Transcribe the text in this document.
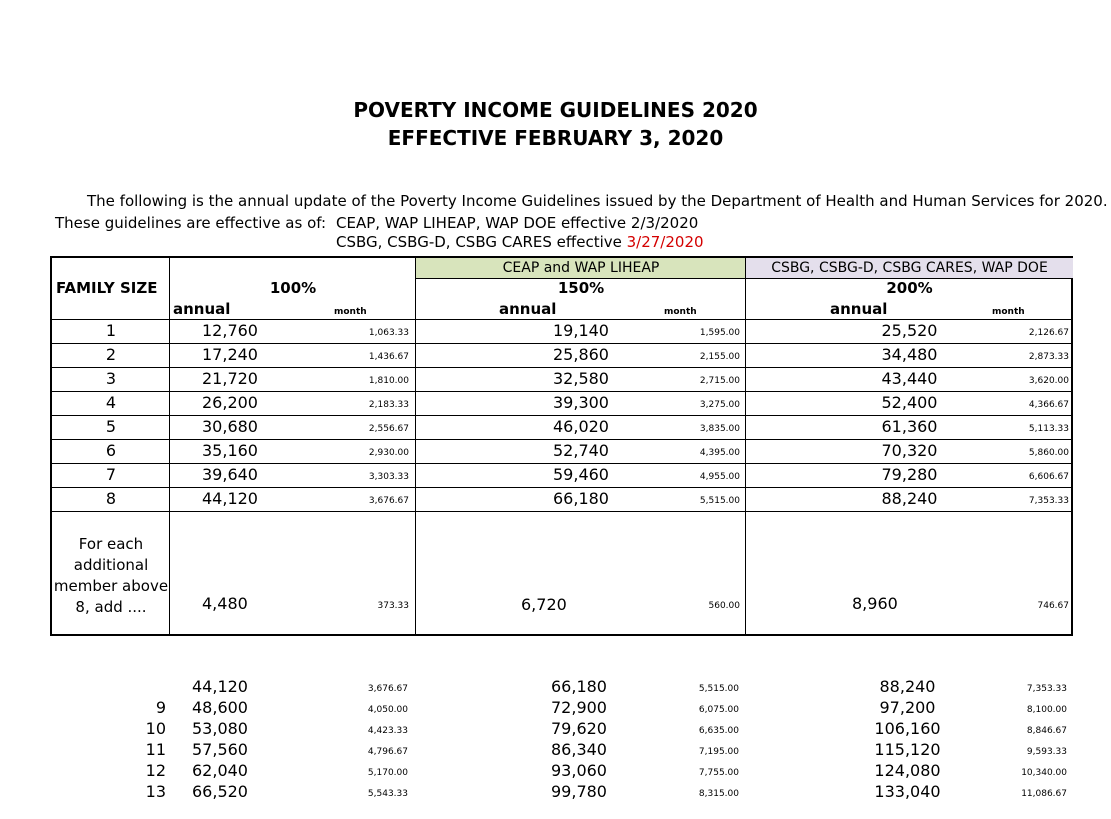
POVERTY INCOME GUIDELINES 2020
EFFECTIVE FEBRUARY 3, 2020
The following is the annual update of the Poverty Income Guidelines issued by the Department of Health and Human Services for 2020.
These guidelines are effective as of: CEAP, WAP LIHEAP, WAP DOE effective 2/3/2020
CSBG, CSBG-D, CSBG CARES effective 3/27/2020
CEAP and WAP LIHEAP	CSBG, CSBG-D, CSBG CARES, WAP DOE
FAMILY SIZE	100%	150%	200%
annual	month	annual	month	annual	month
1	12,760	1,063.33	19,140	1,595.00	25,520	2,126.67
2	17,240	1,436.67	25,860	2,155.00	34,480	2,873.33
3	21,720	1,810.00	32,580	2,715.00	43,440	3,620.00
4	26,200	2,183.33	39,300	3,275.00	52,400	4,366.67
5	30,680	2,556.67	46,020	3,835.00	61,360	5,113.33
6	35,160	2,930.00	52,740	4,395.00	70,320	5,860.00
7	39,640	3,303.33	59,460	4,955.00	79,280	6,606.67
8	44,120	3,676.67	66,180	5,515.00	88,240	7,353.33
For each
additional
member above
8, add ....	4,480	373.33	6,720	560.00	8,960	746.67
44,120	3,676.67	66,180	5,515.00	88,240	7,353.33
9 48,600	4,050.00	72,900	6,075.00	97,200	8,100.00
10 53,080	4,423.33	79,620	6,635.00	106,160	8,846.67
11 57,560	4,796.67	86,340	7,195.00	115,120	9,593.33
12 62,040	5,170.00	93,060	7,755.00	124,080	10,340.00
13 66,520	5,543.33	99,780	8,315.00	133,040	11,086.67
